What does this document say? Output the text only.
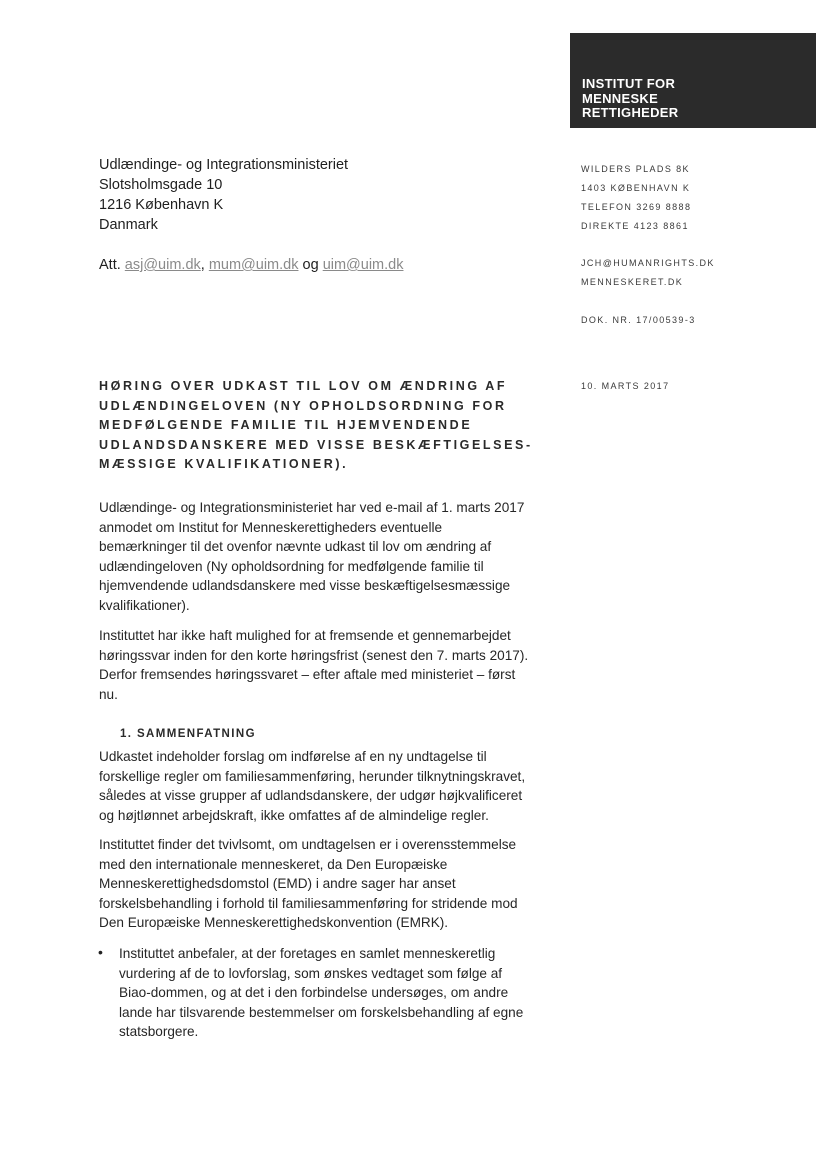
INSTITUT FOR
MENNESKE
RETTIGHEDER
Udlændinge- og Integrationsministeriet
Slotsholmsgade 10
1216 København K
Danmark
Att. asj@uim.dk, mum@uim.dk og uim@uim.dk
WILDERS PLADS 8K
1403 KØBENHAVN K
TELEFON 3269 8888
DIREKTE 4123 8861
JCH@HUMANRIGHTS.DK
MENNESKERET.DK
DOK. NR. 17/00539-3
10. MARTS 2017
HØRING OVER UDKAST TIL LOV OM ÆNDRING AF
UDLÆNDINGELOVEN (NY OPHOLDSORDNING FOR
MEDFØLGENDE FAMILIE TIL HJEMVENDENDE
UDLANDSDANSKERE MED VISSE BESKÆFTIGELSES-
MÆSSIGE KVALIFIKATIONER).
Udlændinge- og Integrationsministeriet har ved e-mail af 1. marts 2017
anmodet om Institut for Menneskerettigheders eventuelle
bemærkninger til det ovenfor nævnte udkast til lov om ændring af
udlændingeloven (Ny opholdsordning for medfølgende familie til
hjemvendende udlandsdanskere med visse beskæftigelsesmæssige
kvalifikationer).
Instituttet har ikke haft mulighed for at fremsende et gennemarbejdet
høringssvar inden for den korte høringsfrist (senest den 7. marts 2017).
Derfor fremsendes høringssvaret – efter aftale med ministeriet – først
nu.
1. SAMMENFATNING
Udkastet indeholder forslag om indførelse af en ny undtagelse til
forskellige regler om familiesammenføring, herunder tilknytningskravet,
således at visse grupper af udlandsdanskere, der udgør højkvalificeret
og højtlønnet arbejdskraft, ikke omfattes af de almindelige regler.
Instituttet finder det tvivlsomt, om undtagelsen er i overensstemmelse
med den internationale menneskeret, da Den Europæiske
Menneskerettighedsdomstol (EMD) i andre sager har anset
forskelsbehandling i forhold til familiesammenføring for stridende mod
Den Europæiske Menneskerettighedskonvention (EMRK).
• Instituttet anbefaler, at der foretages en samlet menneskeretlig
vurdering af de to lovforslag, som ønskes vedtaget som følge af
Biao-dommen, og at det i den forbindelse undersøges, om andre
lande har tilsvarende bestemmelser om forskelsbehandling af egne
statsborgere.
